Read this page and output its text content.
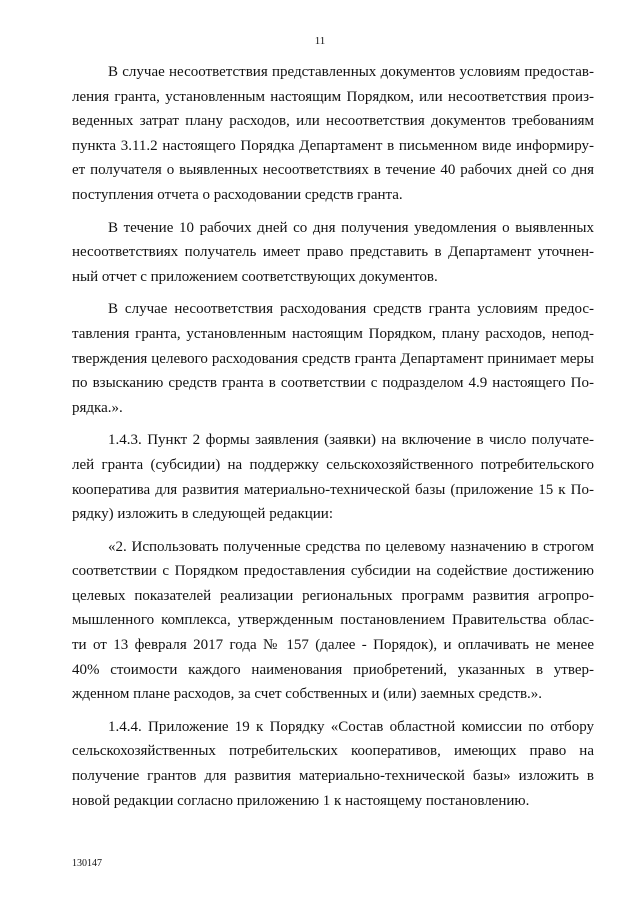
11

В случае несоответствия представленных документов условиям предостав-
ления гранта, установленным настоящим Порядком, или несоответствия произ-
веденных затрат плану расходов, или несоответствия документов требованиям
пункта 3.11.2 настоящего Порядка Департамент в письменном виде информиру-
ет получателя о выявленных несоответствиях в течение 40 рабочих дней со дня
поступления отчета о расходовании средств гранта.

В течение 10 рабочих дней со дня получения уведомления о выявленных
несоответствиях получатель имеет право представить в Департамент уточнен-
ный отчет с приложением соответствующих документов.

В случае несоответствия расходования средств гранта условиям предос-
тавления гранта, установленным настоящим Порядком, плану расходов, непод-
тверждения целевого расходования средств гранта Департамент принимает меры
по взысканию средств гранта в соответствии с подразделом 4.9 настоящего По-
рядка.».

1.4.3. Пункт 2 формы заявления (заявки) на включение в число получате-
лей гранта (субсидии) на поддержку сельскохозяйственного потребительского
кооператива для развития материально-технической базы (приложение 15 к По-
рядку) изложить в следующей редакции:

«2. Использовать полученные средства по целевому назначению в строгом
соответствии с Порядком предоставления субсидии на содействие достижению
целевых показателей реализации региональных программ развития агропро-
мышленного комплекса, утвержденным постановлением Правительства облас-
ти от 13 февраля 2017 года № 157 (далее - Порядок), и оплачивать не менее
40% стоимости каждого наименования приобретений, указанных в утвер-
жденном плане расходов, за счет собственных и (или) заемных средств.».

1.4.4. Приложение 19 к Порядку «Состав областной комиссии по отбору
сельскохозяйственных потребительских кооперативов, имеющих право на
получение грантов для развития материально-технической базы» изложить в
новой редакции согласно приложению 1 к настоящему постановлению.

130147
